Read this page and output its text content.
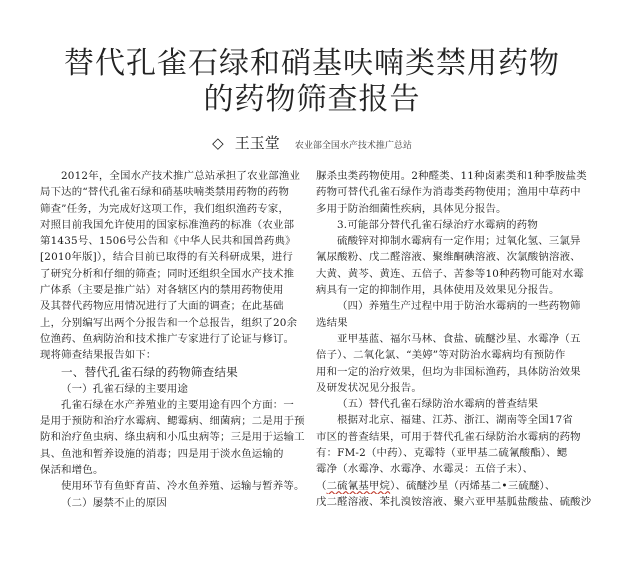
替代孔雀石绿和硝基呋喃类禁用药物
的药物筛查报告
◇ 王玉堂 农业部全国水产技术推广总站

2012年，全国水产技术推广总站承担了农业部渔业

局下达的“替代孔雀石绿和硝基呋喃类禁用药物的药物

筛查”任务，为完成好这项工作，我们组织渔药专家，

对照目前我国允许使用的国家标准渔药的标准（农业部

第1435号、1506号公告和《中华人民共和国兽药典》

[2010年版]），结合目前已取得的有关科研成果，进行

了研究分析和仔细的筛查；同时还组织全国水产技术推

广体系（主要是推广站）对各辖区内的禁用药物使用

及其替代药物应用情况进行了大面的调查；在此基础

上，分别编写出两个分报告和一个总报告，组织了20余

位渔药、鱼病防治和技术推广专家进行了论证与修订。

现将筛查结果报告如下：

一、替代孔雀石绿的药物筛查结果
（一）孔雀石绿的主要用途

孔雀石绿在水产养殖业的主要用途有四个方面：一

是用于预防和治疗水霉病、鳃霉病、细菌病；二是用于预

防和治疗鱼虫病、绦虫病和小瓜虫病等；三是用于运输工

具、鱼池和暂养设施的消毒；四是用于淡水鱼运输的

保活和增色。

使用环节有鱼虾育苗、冷水鱼养殖、运输与暂养等。

（二）屡禁不止的原因

脲杀虫类药物使用。2种醛类、11种卤素类和1种季胺盐类

药物可替代孔雀石绿作为消毒类药物使用；渔用中草药中

多用于防治细菌性疾病，具体见分报告。

3.可能部分替代孔雀石绿治疗水霉病的药物

硫酸锌对抑制水霉病有一定作用；过氧化氢、三氯异

氰尿酸粉、戊二醛溶液、聚维酮碘溶液、次氯酸钠溶液、

大黄、黄芩、黄连、五倍子、苦参等10种药物可能对水霉

病具有一定的抑制作用，具体使用及效果见分报告。

（四）养殖生产过程中用于防治水霉病的一些药物筛

选结果

亚甲基蓝、福尔马林、食盐、硫醚沙星、水霉净（五

倍子）、二氧化氯、“美婷”等对防治水霉病均有预防作

用和一定的治疗效果，但均为非国标渔药，具体防治效果

及研发状况见分报告。

（五）替代孔雀石绿防治水霉病的普查结果

根据对北京、福建、江苏、浙江、湖南等全国17省

市区的普查结果，可用于替代孔雀石绿防治水霉病的药物

有：FM-2（中药）、克霉特（亚甲基二硫氰酸酯）、鳃

霉净（水霉净、水霉净、水霉灵：五倍子末）、

（二硫氰基甲烷）、硫醚沙星（丙烯基二•三硫醚）、

戊二醛溶液、苯扎溴铵溶液、聚六亚甲基胍盐酸盐、硫酸沙
